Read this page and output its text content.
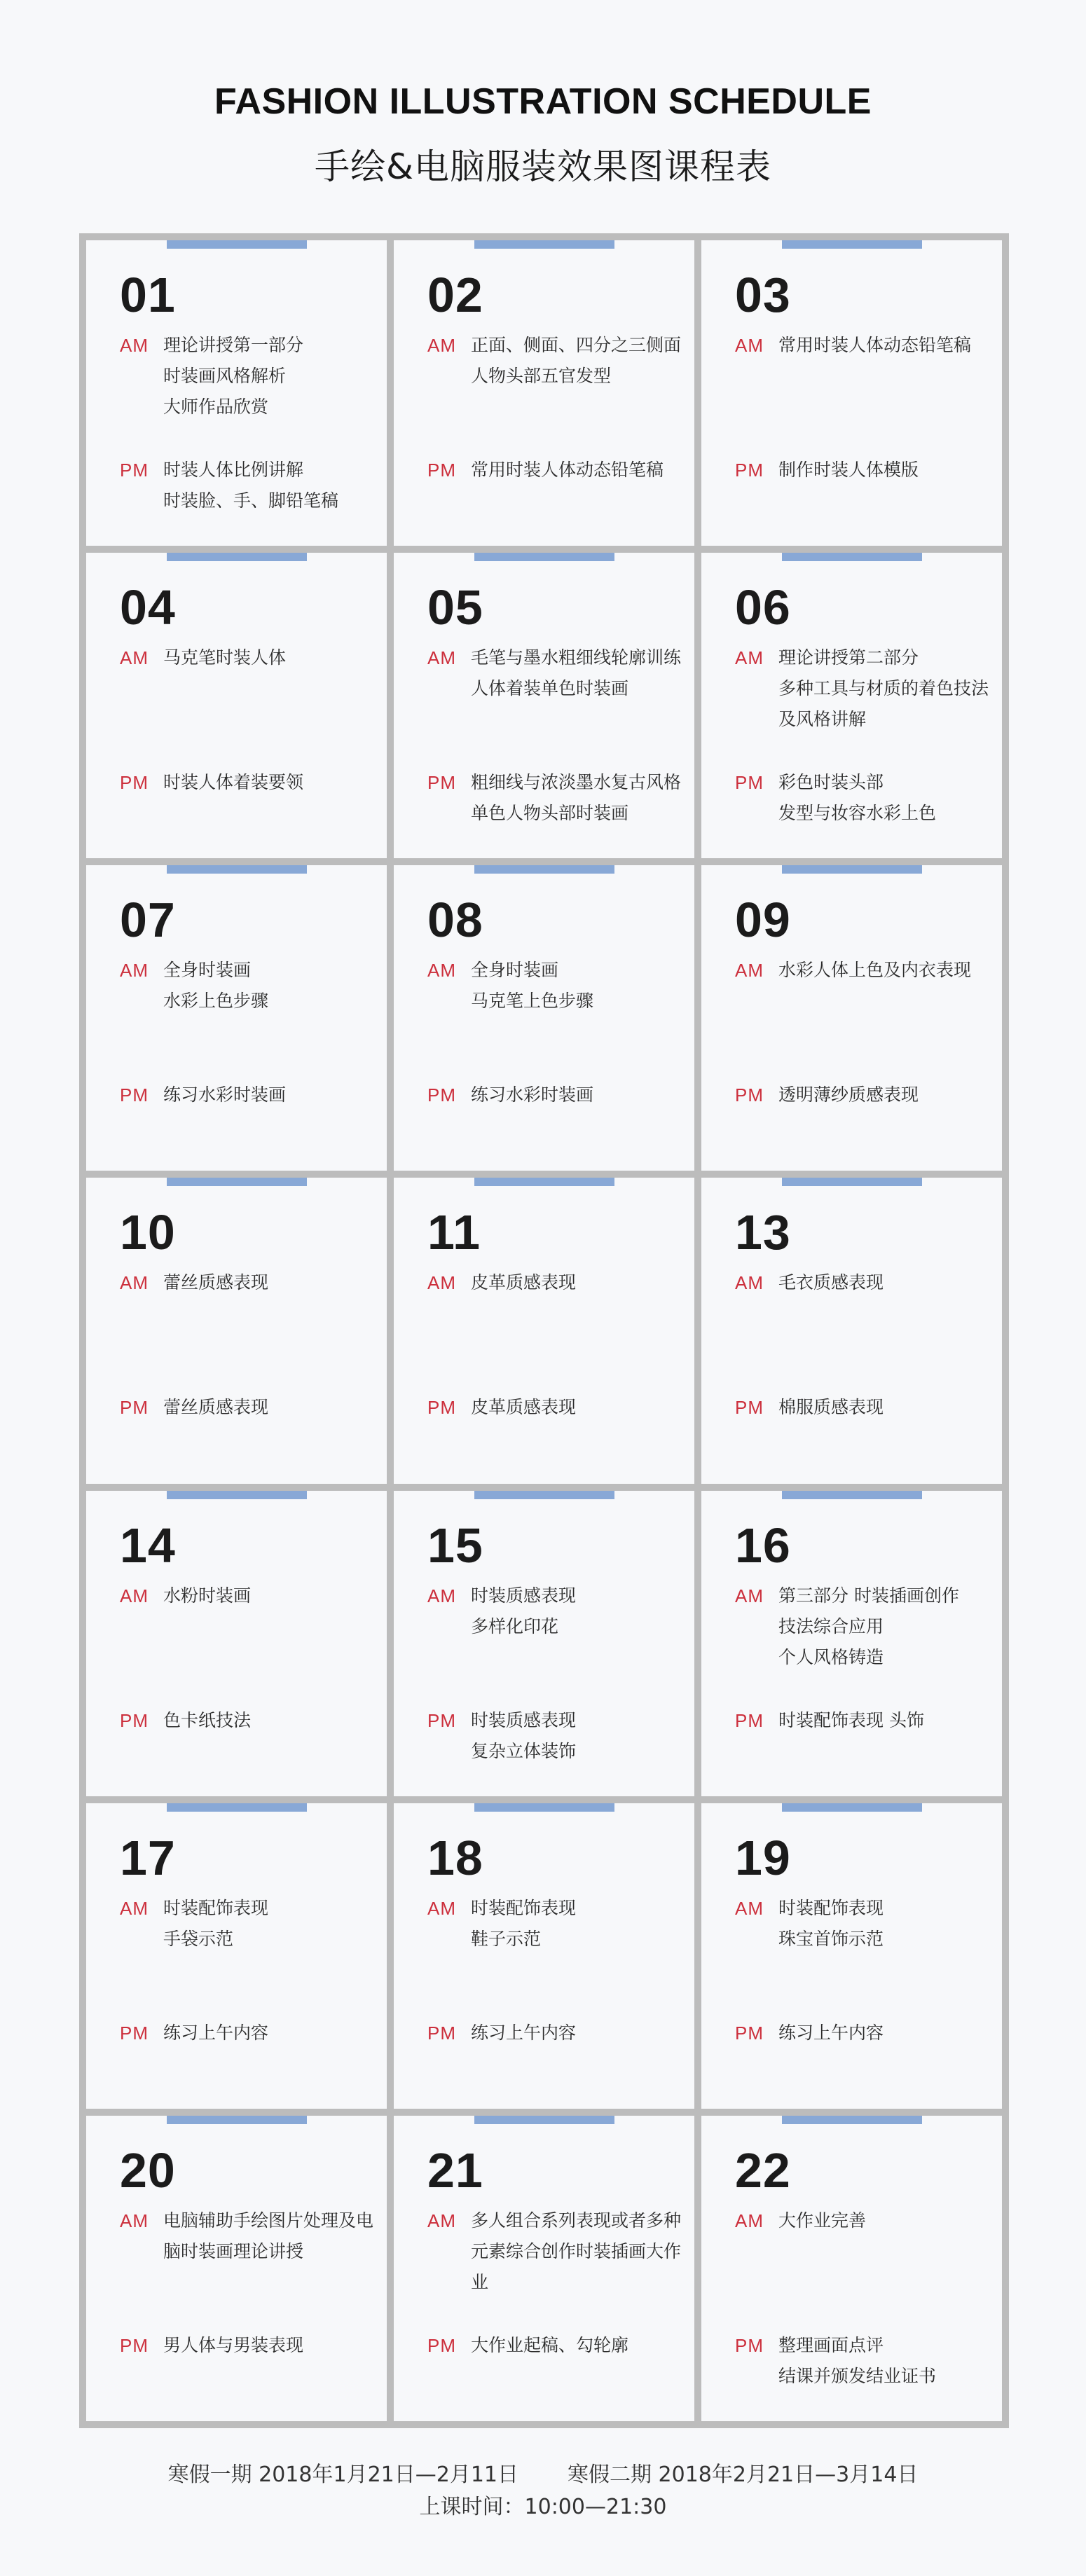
FASHION ILLUSTRATION SCHEDULE
手绘&电脑服装效果图课程表
01
AM 理论讲授第一部分
时装画风格解析
大师作品欣赏
PM 时装人体比例讲解
时装脸、手、脚铅笔稿
02
AM 正面、侧面、四分之三侧面
人物头部五官发型
PM 常用时装人体动态铅笔稿
03
AM 常用时装人体动态铅笔稿
PM 制作时装人体模版
04
AM 马克笔时装人体
PM 时装人体着装要领
05
AM 毛笔与墨水粗细线轮廓训练
人体着装单色时装画
PM 粗细线与浓淡墨水复古风格
单色人物头部时装画
06
AM 理论讲授第二部分
多种工具与材质的着色技法
及风格讲解
PM 彩色时装头部
发型与妆容水彩上色
07
AM 全身时装画
水彩上色步骤
PM 练习水彩时装画
08
AM 全身时装画
马克笔上色步骤
PM 练习水彩时装画
09
AM 水彩人体上色及内衣表现
PM 透明薄纱质感表现
10
AM 蕾丝质感表现
PM 蕾丝质感表现
11
AM 皮革质感表现
PM 皮革质感表现
13
AM 毛衣质感表现
PM 棉服质感表现
14
AM 水粉时装画
PM 色卡纸技法
15
AM 时装质感表现
多样化印花
PM 时装质感表现
复杂立体装饰
16
AM 第三部分 时装插画创作
技法综合应用
个人风格铸造
PM 时装配饰表现 头饰
17
AM 时装配饰表现
手袋示范
PM 练习上午内容
18
AM 时装配饰表现
鞋子示范
PM 练习上午内容
19
AM 时装配饰表现
珠宝首饰示范
PM 练习上午内容
20
AM 电脑辅助手绘图片处理及电
脑时装画理论讲授
PM 男人体与男装表现
21
AM 多人组合系列表现或者多种
元素综合创作时装插画大作
业
PM 大作业起稿、勾轮廓
22
AM 大作业完善
PM 整理画面点评
结课并颁发结业证书
寒假一期 2018年1月21日—2月11日 寒假二期 2018年2月21日—3月14日
上课时间：10:00—21:30
